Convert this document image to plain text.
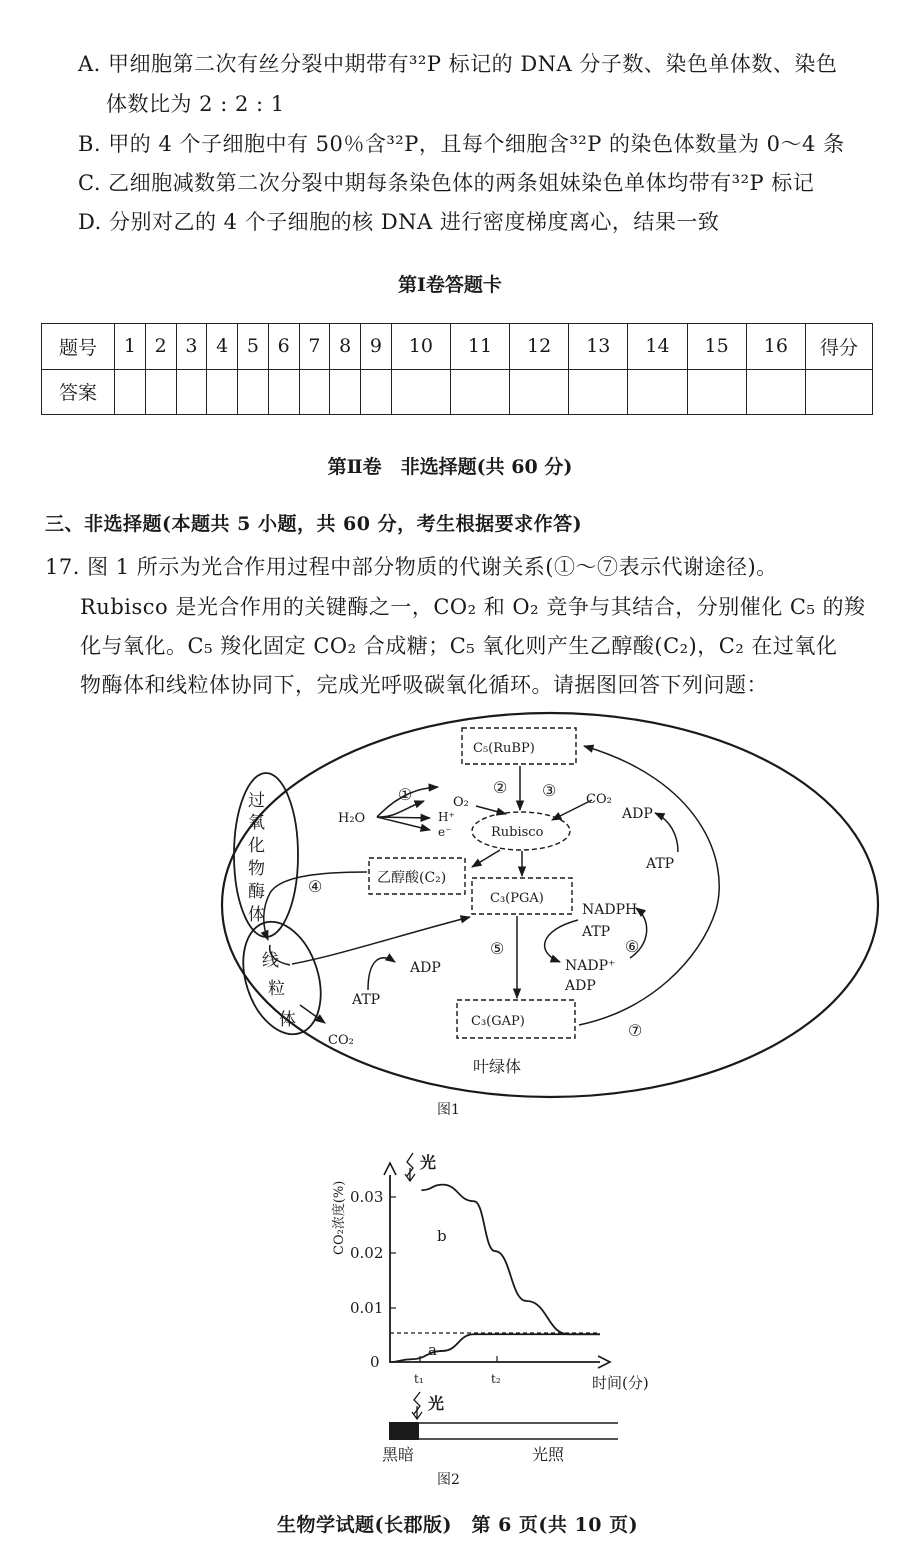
A. 甲细胞第二次有丝分裂中期带有³²P 标记的 DNA 分子数、染色单体数、染色
体数比为 2 : 2 : 1
B. 甲的 4 个子细胞中有 50％含³²P，且每个细胞含³²P 的染色体数量为 0～4 条
C. 乙细胞减数第二次分裂中期每条染色体的两条姐妹染色单体均带有³²P 标记
D. 分别对乙的 4 个子细胞的核 DNA 进行密度梯度离心，结果一致
第Ⅰ卷答题卡
题号	1	2	3	4	5	6	7	8	9	10	11	12	13	14	15	16	得分
答案																	
第Ⅱ卷　非选择题(共 60 分)
三、非选择题(本题共 5 小题，共 60 分，考生根据要求作答)
17. 图 1 所示为光合作用过程中部分物质的代谢关系(①～⑦表示代谢途径)。
Rubisco 是光合作用的关键酶之一，CO₂ 和 O₂ 竞争与其结合，分别催化 C₅ 的羧
化与氧化。C₅ 羧化固定 CO₂ 合成糖；C₅ 氧化则产生乙醇酸(C₂)，C₂ 在过氧化
物酶体和线粒体协同下，完成光呼吸碳氧化循环。请据图回答下列问题：
C₅(RuBP)
O₂	CO₂
H₂O	H⁺
e⁻	Rubisco
乙醇酸(C₂)
C₃(PGA)
C₃(GAP)
NADPH
ATP
NADP⁺
ADP
ADP
ATP
ADP
ATP
CO₂
过
氧
化
物
酶
体
线
粒
体
叶绿体
①	② ③
④
⑤	⑥
⑦
图1
0.03
0.02
0.01
0
CO₂浓度(%)
t₁	t₂	时间(分)
光
光
黑暗	光照
b
a
图2
生物学试题(长郡版)　第 6 页(共 10 页)
